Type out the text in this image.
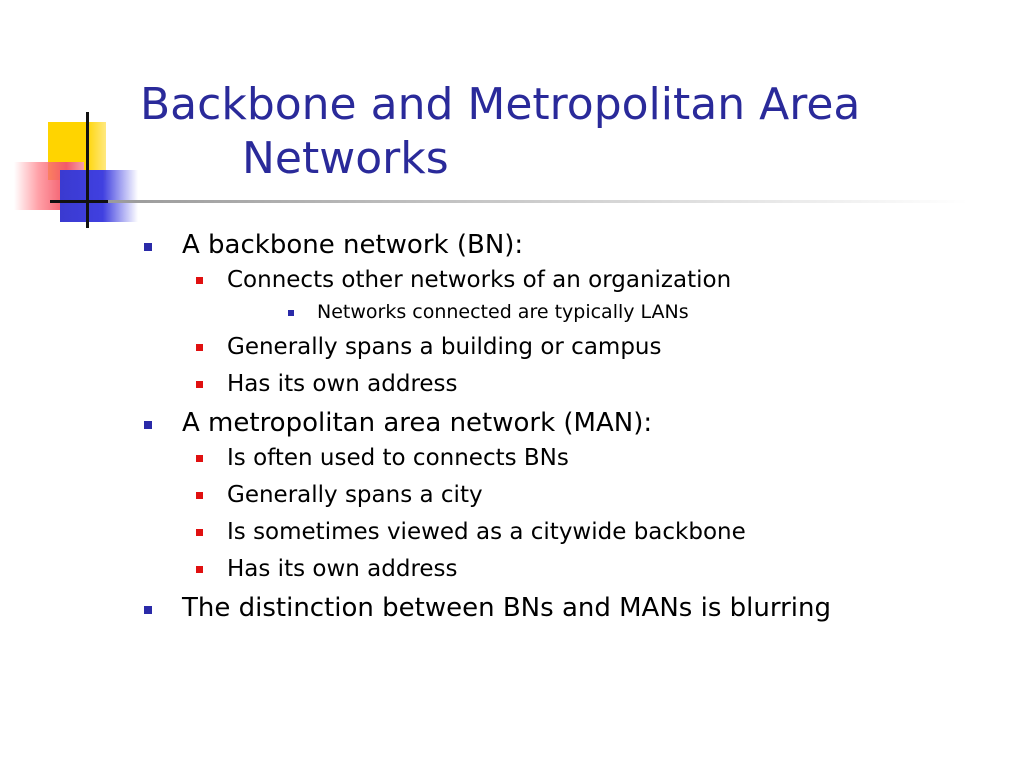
Backbone and Metropolitan Area
Networks
A backbone network (BN):
Connects other networks of an organization
Networks connected are typically LANs
Generally spans a building or campus
Has its own address
A metropolitan area network (MAN):
Is often used to connects BNs
Generally spans a city
Is sometimes viewed as a citywide backbone
Has its own address
The distinction between BNs and MANs is blurring
